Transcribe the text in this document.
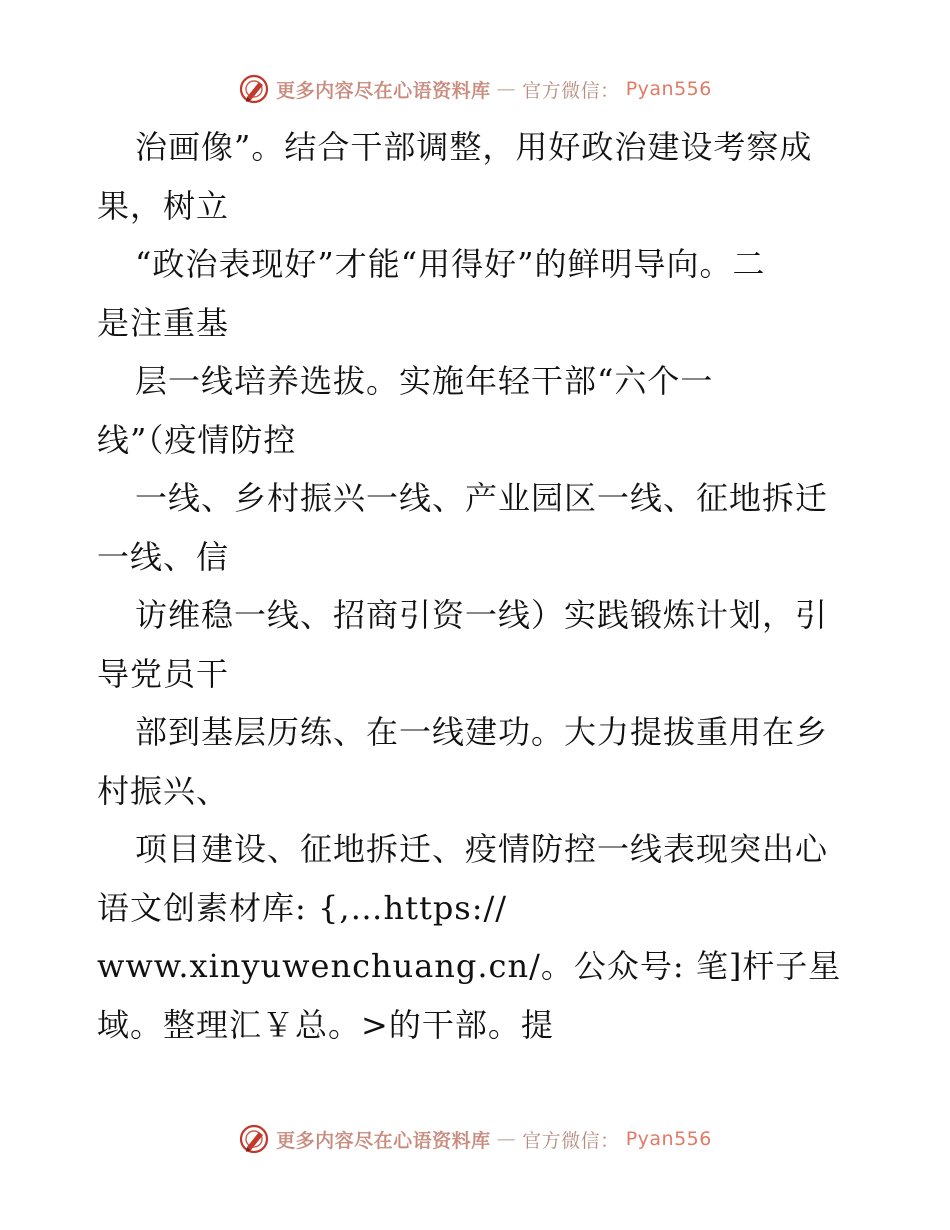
更多内容尽在心语资料库 — 官方微信： Pyan556
治画像”。结合干部调整，用好政治建设考察成
果，树立
“政治表现好”才能“用得好”的鲜明导向。二
是注重基
层一线培养选拔。实施年轻干部“六个一
线”（疫情防控
一线、乡村振兴一线、产业园区一线、征地拆迁
一线、信
访维稳一线、招商引资一线）实践锻炼计划，引
导党员干
部到基层历练、在一线建功。大力提拔重用在乡
村振兴、
项目建设、征地拆迁、疫情防控一线表现突出心
语文创素材库: {,…https://
www.xinyuwenchuang.cn/。公众号: 笔]杆子星
域。整理汇￥总。>的干部。提
更多内容尽在心语资料库 — 官方微信： Pyan556
